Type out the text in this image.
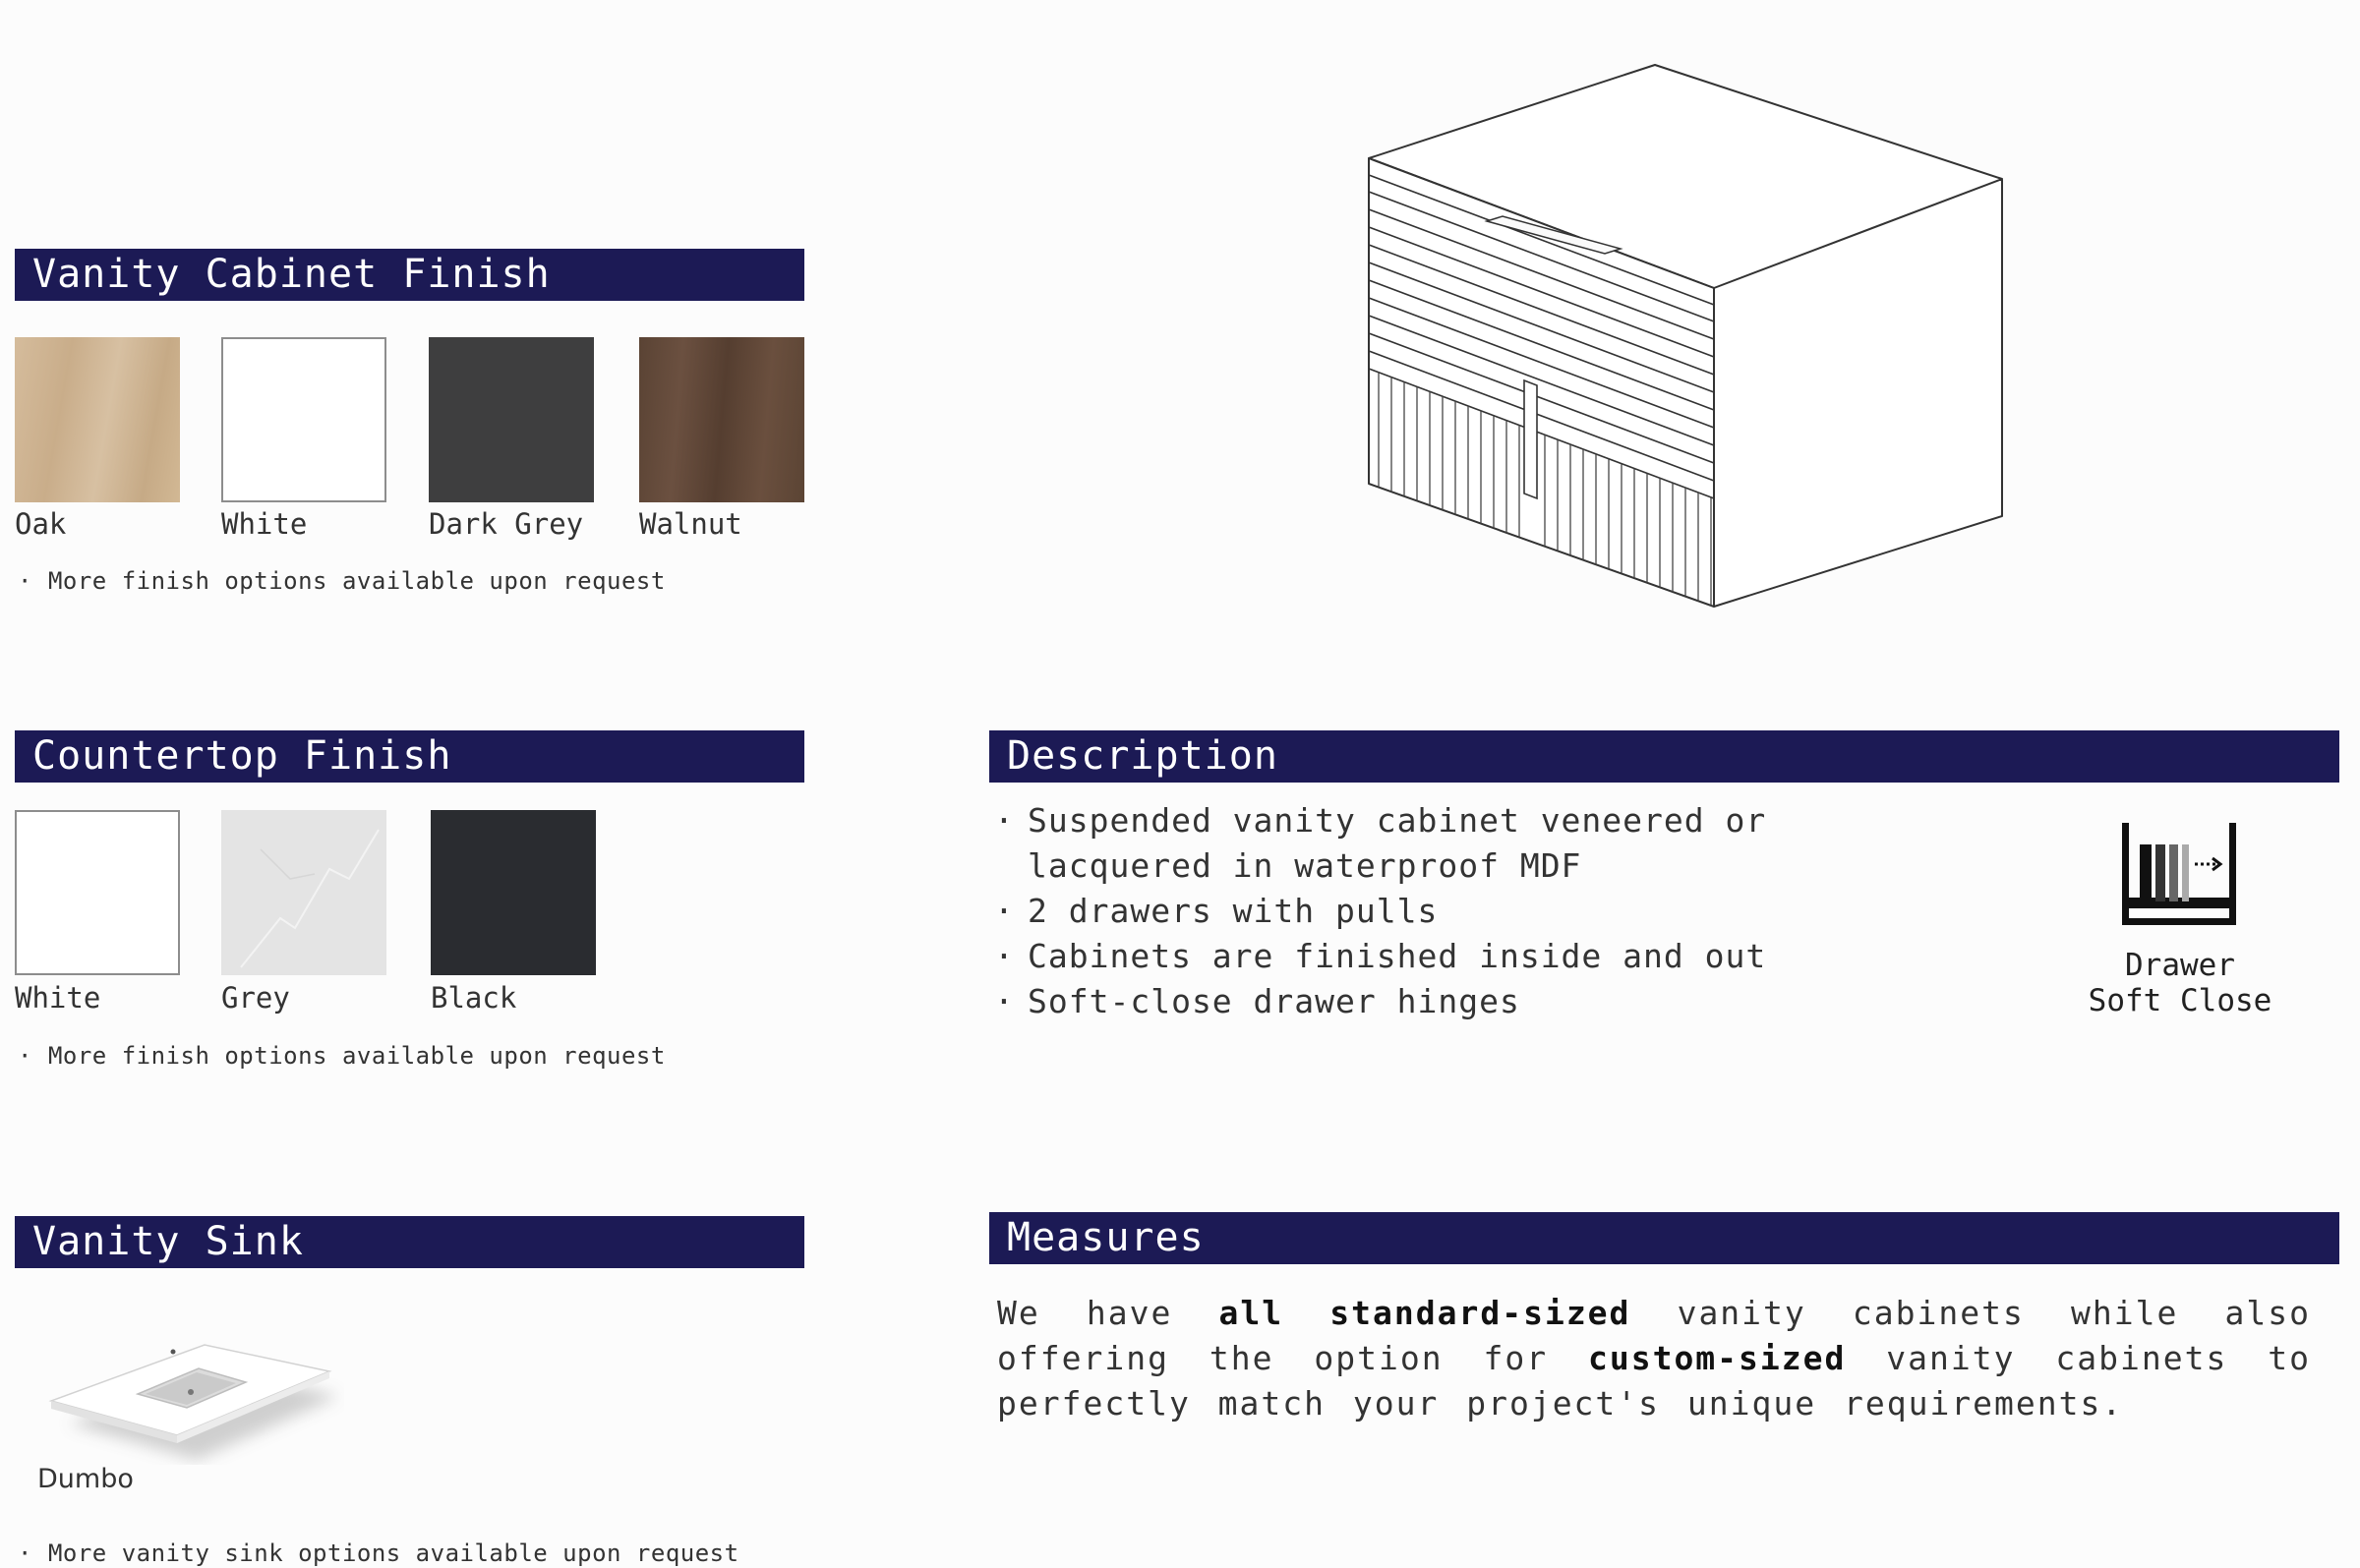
Vanity Cabinet Finish
Oak	White	Dark Grey Walnut
· More finish options available upon request
Countertop Finish
White	Grey	Black
· More finish options available upon request
Vanity Sink
Dumbo
· More vanity sink options available upon request
Description
· Suspended vanity cabinet veneered or lacquered in waterproof MDF
· 2 drawers with pulls
· Cabinets are finished inside and out
· Soft-close drawer hinges
Drawer
Soft Close
Measures
We have all standard-sized vanity cabinets while also offering the option for custom-sized vanity cabinets to perfectly match your project's unique requirements.
